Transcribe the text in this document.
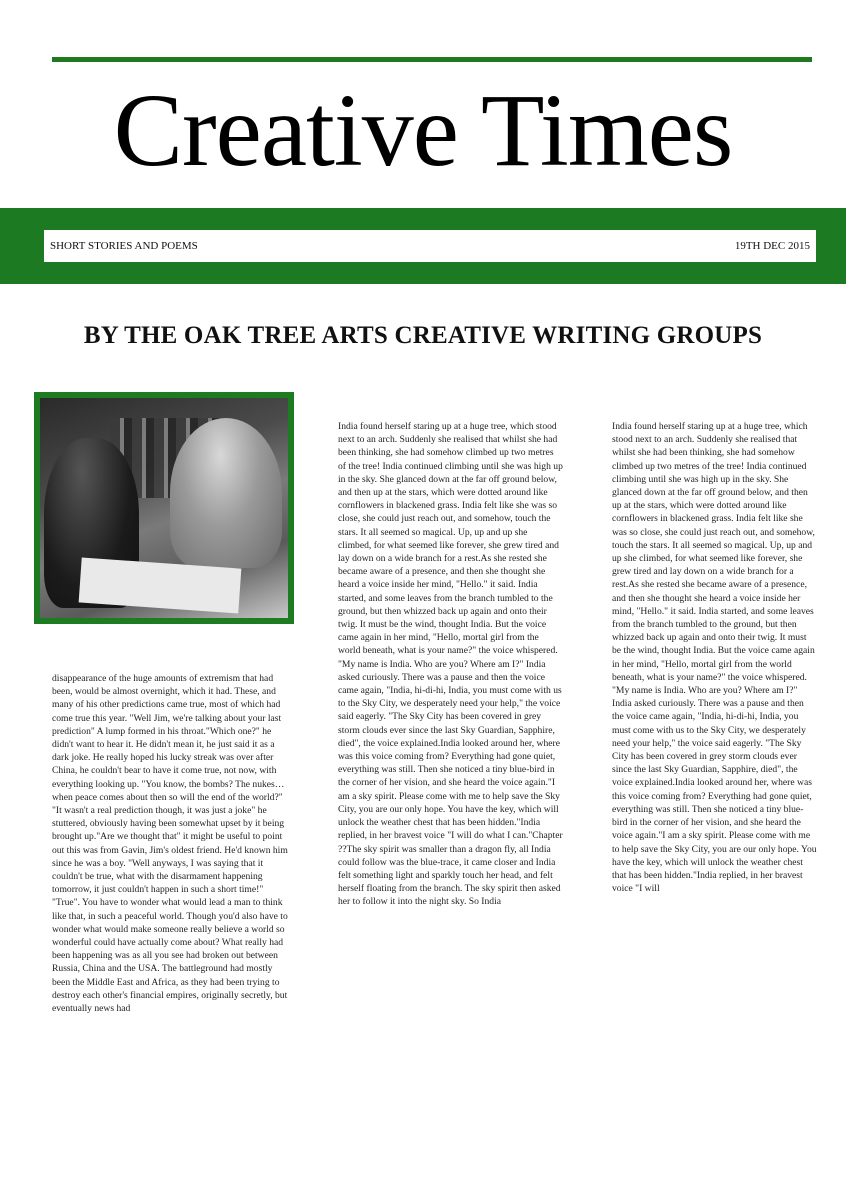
Creative Times
SHORT STORIES AND POEMS	19TH DEC 2015
BY THE OAK TREE ARTS CREATIVE WRITING GROUPS
disappearance of the huge amounts of extremism that had been, would be almost overnight, which it had. These, and many of his other predictions came true, most of which had come true this year. "Well Jim, we're talking about your last prediction" A lump formed in his throat."Which one?" he didn't want to hear it. He didn't mean it, he just said it as a dark joke. He really hoped his lucky streak was over after China, he couldn't bear to have it come true, not now, with everything looking up. "You know, the bombs? The nukes… when peace comes about then so will the end of the world?" "It wasn't a real prediction though, it was just a joke" he stuttered, obviously having been somewhat upset by it being brought up."Are we thought that" it might be useful to point out this was from Gavin, Jim's oldest friend. He'd known him since he was a boy. "Well anyways, I was saying that it couldn't be true, what with the disarmament happening tomorrow, it just couldn't happen in such a short time!" "True". You have to wonder what would lead a man to think like that, in such a peaceful world. Though you'd also have to wonder what would make someone really believe a world so wonderful could have actually come about? What really had been happening was as all you see had broken out between Russia, China and the USA. The battleground had mostly been the Middle East and Africa, as they had been trying to destroy each other's financial empires, originally secretly, but eventually news had
India found herself staring up at a huge tree, which stood next to an arch. Suddenly she realised that whilst she had been thinking, she had somehow climbed up two metres of the tree! India continued climbing until she was high up in the sky. She glanced down at the far off ground below, and then up at the stars, which were dotted around like cornflowers in blackened grass. India felt like she was so close, she could just reach out, and somehow, touch the stars. It all seemed so magical. Up, up and up she climbed, for what seemed like forever, she grew tired and lay down on a wide branch for a rest.As she rested she became aware of a presence, and then she thought she heard a voice inside her mind, "Hello." it said. India started, and some leaves from the branch tumbled to the ground, but then whizzed back up again and onto their twig. It must be the wind, thought India. But the voice came again in her mind, "Hello, mortal girl from the world beneath, what is your name?" the voice whispered. "My name is India. Who are you? Where am I?" India asked curiously. There was a pause and then the voice came again, "India, hi-di-hi, India, you must come with us to the Sky City, we desperately need your help," the voice said eagerly. "The Sky City has been covered in grey storm clouds ever since the last Sky Guardian, Sapphire, died", the voice explained.India looked around her, where was this voice coming from? Everything had gone quiet, everything was still. Then she noticed a tiny blue-bird in the corner of her vision, and she heard the voice again."I am a sky spirit. Please come with me to help save the Sky City, you are our only hope. You have the key, which will unlock the weather chest that has been hidden."India replied, in her bravest voice "I will do what I can."Chapter ??The sky spirit was smaller than a dragon fly, all India could follow was the blue-trace, it came closer and India felt something light and sparkly touch her head, and felt herself floating from the branch. The sky spirit then asked her to follow it into the night sky. So India
India found herself staring up at a huge tree, which stood next to an arch. Suddenly she realised that whilst she had been thinking, she had somehow climbed up two metres of the tree! India continued climbing until she was high up in the sky. She glanced down at the far off ground below, and then up at the stars, which were dotted around like cornflowers in blackened grass. India felt like she was so close, she could just reach out, and somehow, touch the stars. It all seemed so magical. Up, up and up she climbed, for what seemed like forever, she grew tired and lay down on a wide branch for a rest.As she rested she became aware of a presence, and then she thought she heard a voice inside her mind, "Hello." it said. India started, and some leaves from the branch tumbled to the ground, but then whizzed back up again and onto their twig. It must be the wind, thought India. But the voice came again in her mind, "Hello, mortal girl from the world beneath, what is your name?" the voice whispered. "My name is India. Who are you? Where am I?" India asked curiously. There was a pause and then the voice came again, "India, hi-di-hi, India, you must come with us to the Sky City, we desperately need your help," the voice said eagerly. "The Sky City has been covered in grey storm clouds ever since the last Sky Guardian, Sapphire, died", the voice explained.India looked around her, where was this voice coming from? Everything had gone quiet, everything was still. Then she noticed a tiny blue-bird in the corner of her vision, and she heard the voice again."I am a sky spirit. Please come with me to help save the Sky City, you are our only hope. You have the key, which will unlock the weather chest that has been hidden."India replied, in her bravest voice "I will
